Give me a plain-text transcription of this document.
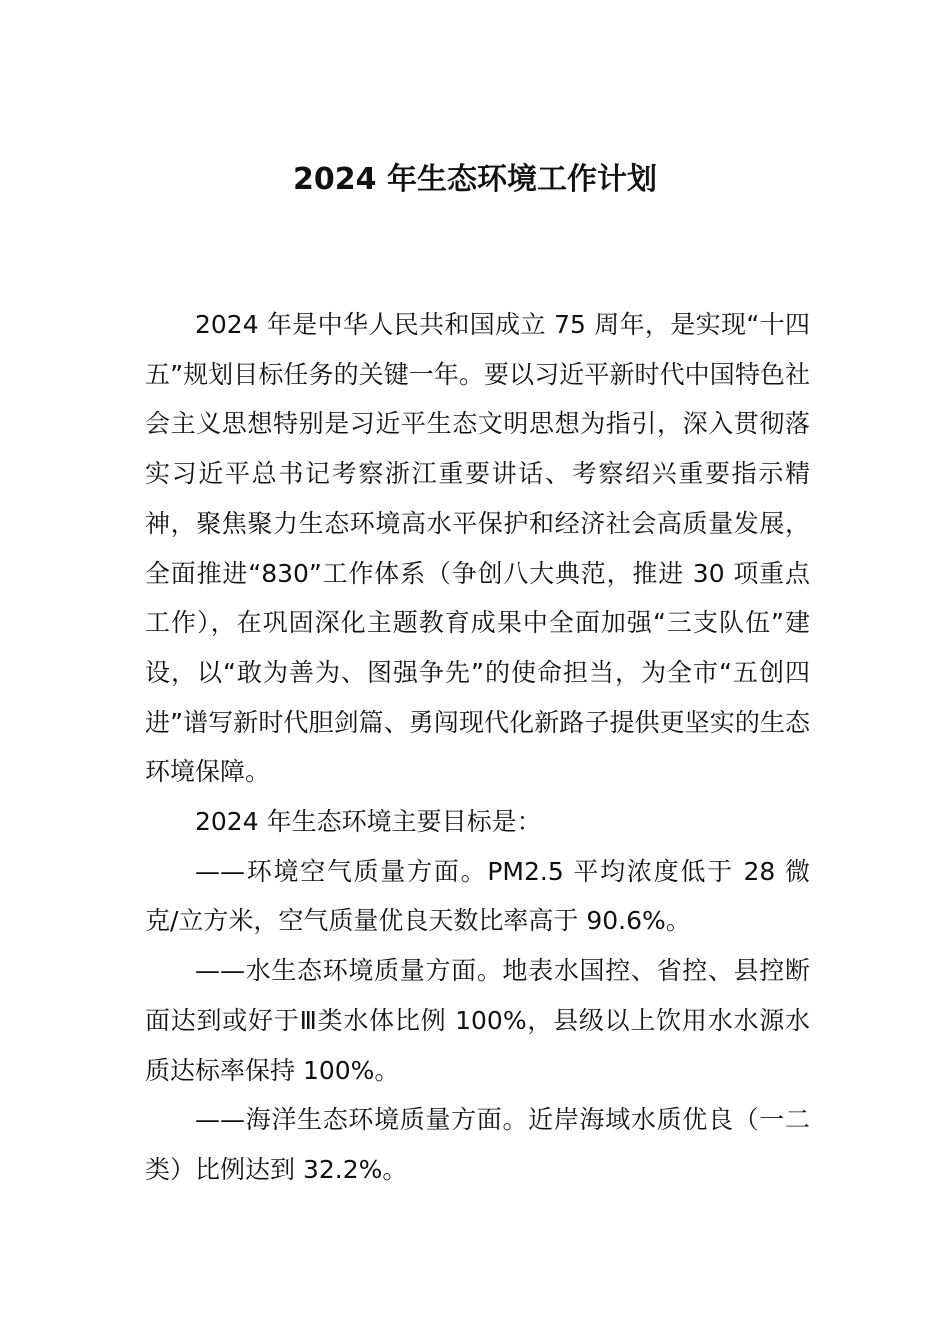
2024 年生态环境工作计划

2024 年是中华人民共和国成立 75 周年，是实现“十四五”规划目标任务的关键一年。要以习近平新时代中国特色社会主义思想特别是习近平生态文明思想为指引，深入贯彻落实习近平总书记考察浙江重要讲话、考察绍兴重要指示精神，聚焦聚力生态环境高水平保护和经济社会高质量发展，全面推进“830”工作体系（争创八大典范，推进 30 项重点工作），在巩固深化主题教育成果中全面加强“三支队伍”建设，以“敢为善为、图强争先”的使命担当，为全市“五创四进”谱写新时代胆剑篇、勇闯现代化新路子提供更坚实的生态环境保障。

2024 年生态环境主要目标是：

——环境空气质量方面。PM2.5 平均浓度低于 28 微克/立方米，空气质量优良天数比率高于 90.6%。

——水生态环境质量方面。地表水国控、省控、县控断面达到或好于Ⅲ类水体比例 100%，县级以上饮用水水源水质达标率保持 100%。

——海洋生态环境质量方面。近岸海域水质优良（一二类）比例达到 32.2%。
